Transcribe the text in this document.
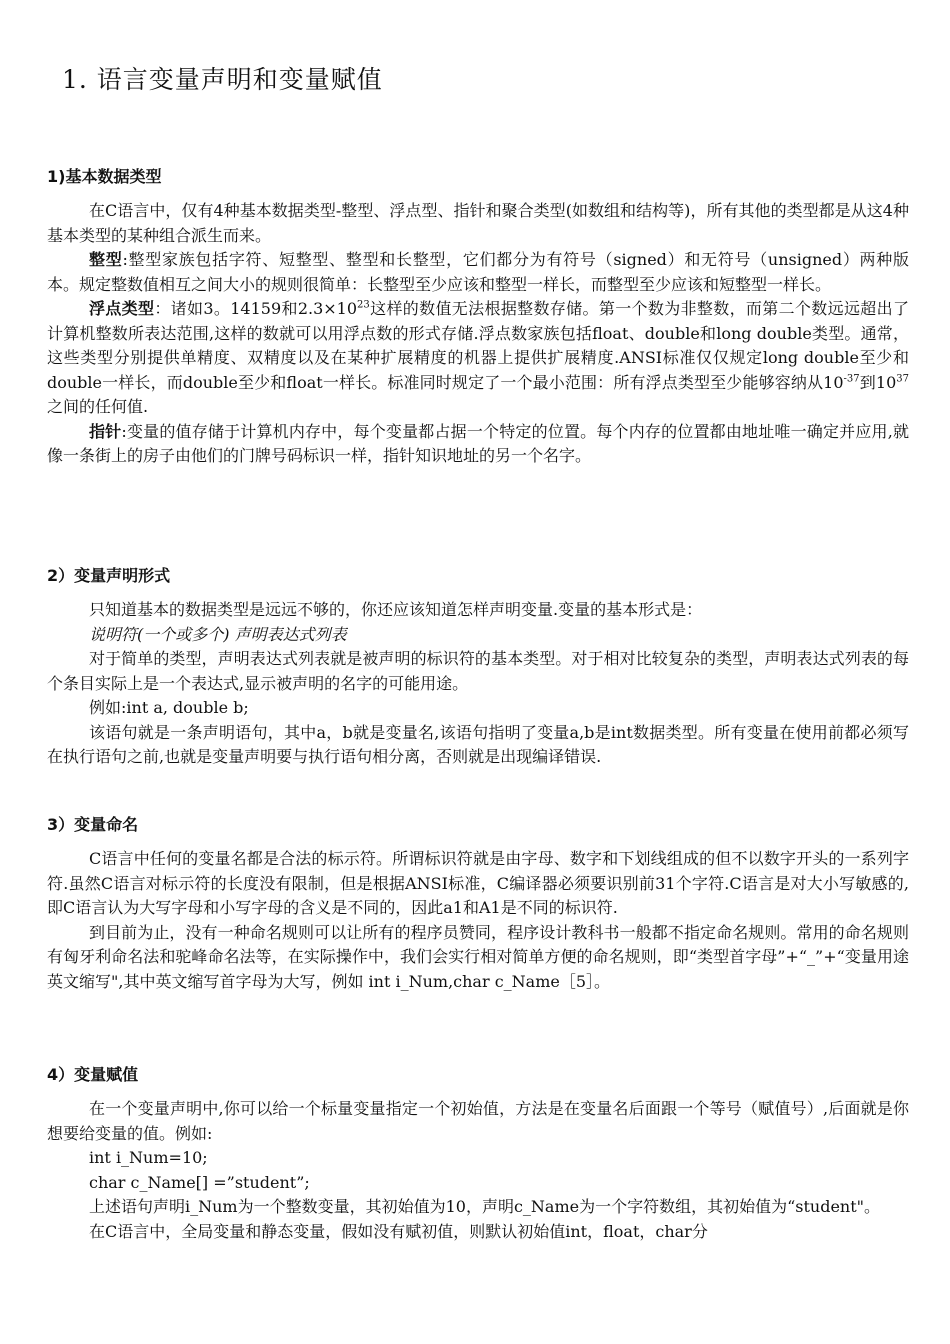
1. 语言变量声明和变量赋值
1)基本数据类型

在C语言中，仅有4种基本数据类型-整型、浮点型、指针和聚合类型(如数组和结构等)，所有其他的类型都是从这4种基本类型的某种组合派生而来。

整型:整型家族包括字符、短整型、整型和长整型，它们都分为有符号（signed）和无符号（unsigned）两种版本。规定整数值相互之间大小的规则很简单：长整型至少应该和整型一样长，而整型至少应该和短整型一样长。

浮点类型：诸如3。14159和$2.3\times 10^{23}$这样的数值无法根据整数存储。第一个数为非整数，而第二个数远远超出了计算机整数所表达范围,这样的数就可以用浮点数的形式存储.浮点数家族包括float、double和long double类型。通常，这些类型分别提供单精度、双精度以及在某种扩展精度的机器上提供扩展精度.ANSI标准仅仅规定long double至少和double一样长，而double至少和float一样长。标准同时规定了一个最小范围：所有浮点类型至少能够容纳从$10^{-37}$到$10^{37}$之间的任何值.

指针:变量的值存储于计算机内存中，每个变量都占据一个特定的位置。每个内存的位置都由地址唯一确定并应用,就像一条街上的房子由他们的门牌号码标识一样，指针知识地址的另一个名字。

2）变量声明形式

只知道基本的数据类型是远远不够的，你还应该知道怎样声明变量.变量的基本形式是：

说明符(一个或多个) 声明表达式列表

对于简单的类型，声明表达式列表就是被声明的标识符的基本类型。对于相对比较复杂的类型，声明表达式列表的每个条目实际上是一个表达式,显示被声明的名字的可能用途。

例如:int a, double b;

该语句就是一条声明语句，其中a，b就是变量名,该语句指明了变量a,b是int数据类型。所有变量在使用前都必须写在执行语句之前,也就是变量声明要与执行语句相分离，否则就是出现编译错误.

3）变量命名

C语言中任何的变量名都是合法的标示符。所谓标识符就是由字母、数字和下划线组成的但不以数字开头的一系列字符.虽然C语言对标示符的长度没有限制，但是根据ANSI标准，C编译器必须要识别前31个字符.C语言是对大小写敏感的,即C语言认为大写字母和小写字母的含义是不同的，因此a1和A1是不同的标识符.

到目前为止，没有一种命名规则可以让所有的程序员赞同，程序设计教科书一般都不指定命名规则。常用的命名规则有匈牙利命名法和驼峰命名法等，在实际操作中，我们会实行相对简单方便的命名规则，即“类型首字母”+“_”+“变量用途英文缩写",其中英文缩写首字母为大写，例如 int i_Num,char c_Name［5］。

4）变量赋值

在一个变量声明中,你可以给一个标量变量指定一个初始值，方法是在变量名后面跟一个等号（赋值号）,后面就是你想要给变量的值。例如:

int i_Num=10;

char c_Name[] =”student”;

上述语句声明i_Num为一个整数变量，其初始值为10，声明c_Name为一个字符数组，其初始值为“student"。

在C语言中，全局变量和静态变量，假如没有赋初值，则默认初始值int，float，char分
